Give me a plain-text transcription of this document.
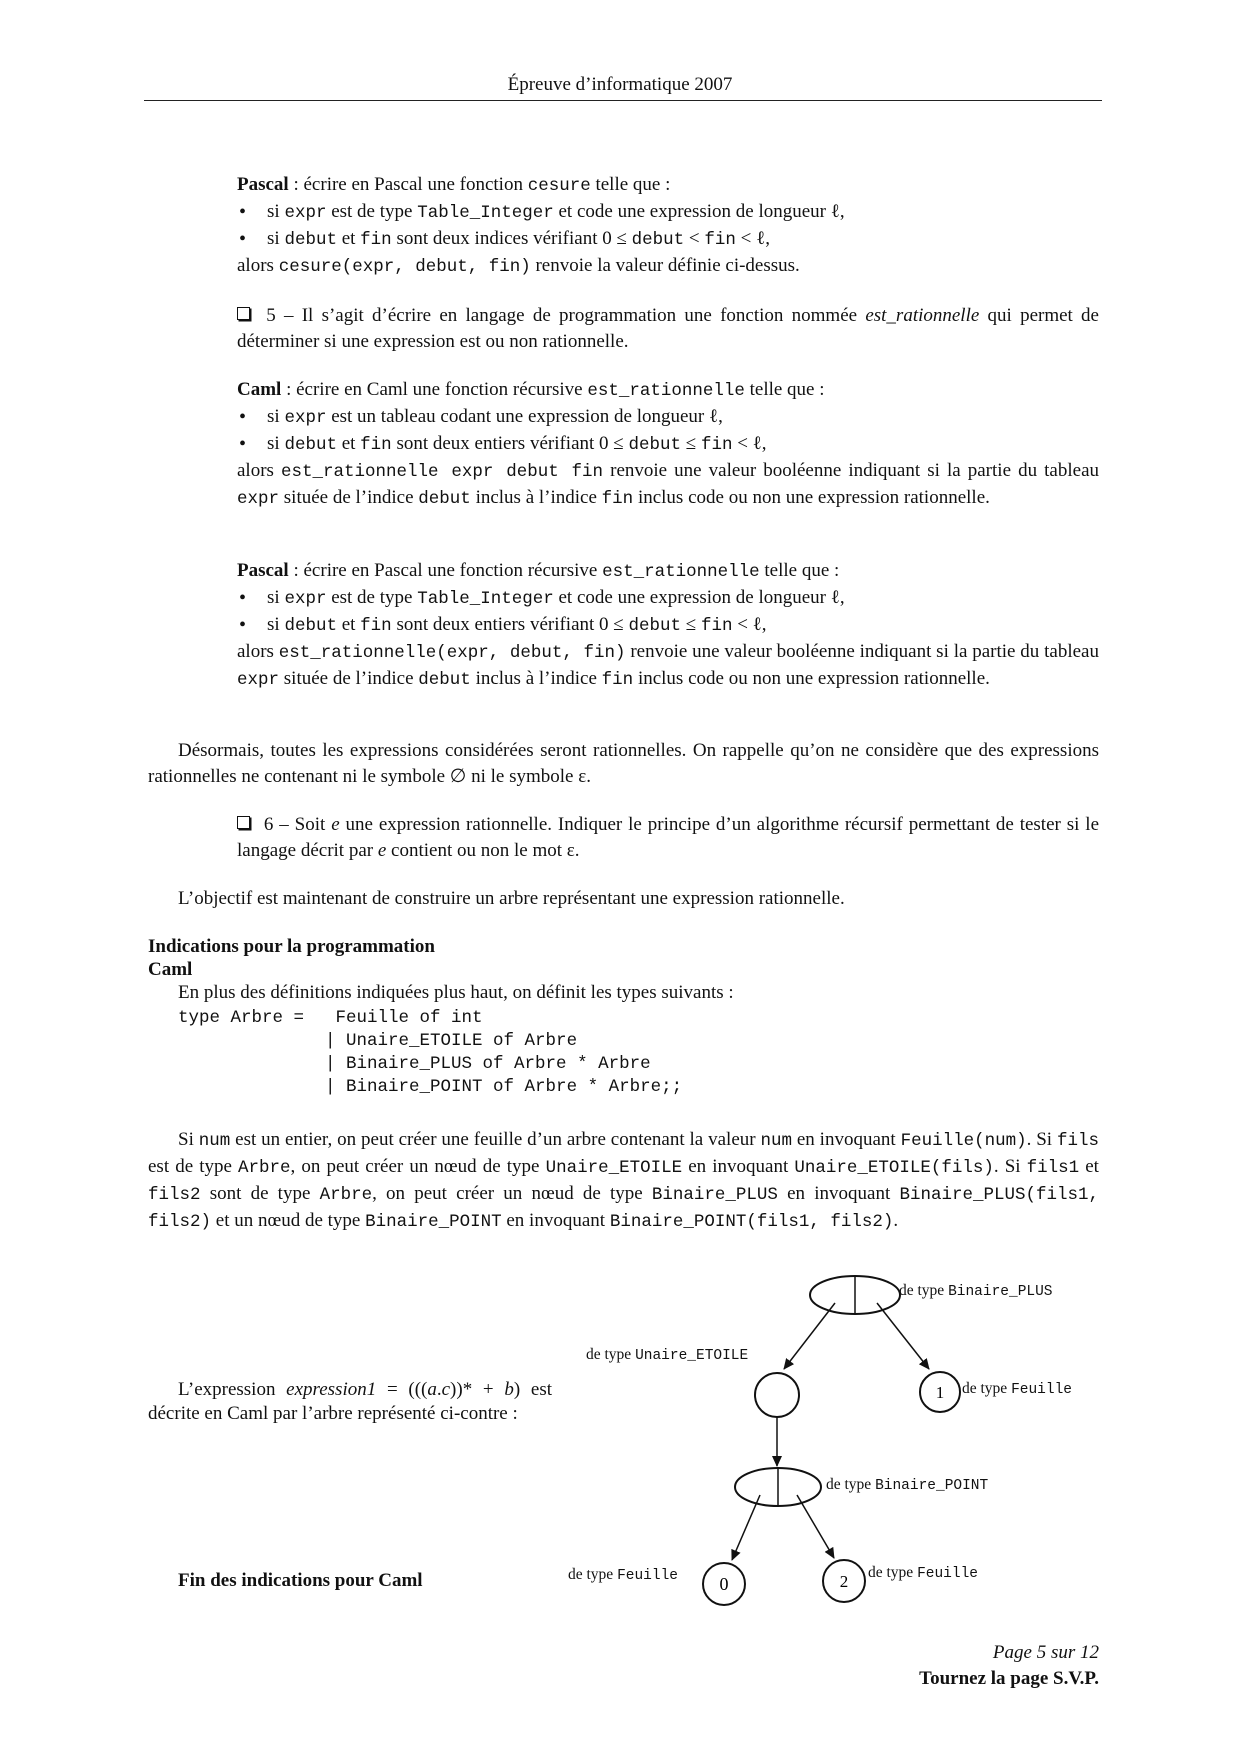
Épreuve d’informatique 2007

Pascal : écrire en Pascal une fonction cesure telle que :

• si expr est de type Table_Integer et code une expression de longueur ℓ,

• si debut et fin sont deux indices vérifiant 0 ≤ debut < fin < ℓ,

alors cesure(expr, debut, fin) renvoie la valeur définie ci-dessus.

5 – Il s’agit d’écrire en langage de programmation une fonction nommée est_rationnelle qui permet de déterminer si une expression est ou non rationnelle.

Caml : écrire en Caml une fonction récursive est_rationnelle telle que :

• si expr est un tableau codant une expression de longueur ℓ,

• si debut et fin sont deux entiers vérifiant 0 ≤ debut ≤ fin < ℓ,

alors est_rationnelle expr debut fin renvoie une valeur booléenne indiquant si la partie du tableau expr située de l’indice debut inclus à l’indice fin inclus code ou non une expression rationnelle.

Pascal : écrire en Pascal une fonction récursive est_rationnelle telle que :

• si expr est de type Table_Integer et code une expression de longueur ℓ,

• si debut et fin sont deux entiers vérifiant 0 ≤ debut ≤ fin < ℓ,

alors est_rationnelle(expr, debut, fin) renvoie une valeur booléenne indiquant si la partie du tableau expr située de l’indice debut inclus à l’indice fin inclus code ou non une expression rationnelle.

Désormais, toutes les expressions considérées seront rationnelles. On rappelle qu’on ne considère que des expressions rationnelles ne contenant ni le symbole ∅ ni le symbole ε.

6 – Soit e une expression rationnelle. Indiquer le principe d’un algorithme récursif permettant de tester si le langage décrit par e contient ou non le mot ε.

L’objectif est maintenant de construire un arbre représentant une expression rationnelle.

Indications pour la programmation

Caml

En plus des définitions indiquées plus haut, on définit les types suivants :

type Arbre =   Feuille of int
| Unaire_ETOILE of Arbre
| Binaire_PLUS of Arbre * Arbre
| Binaire_POINT of Arbre * Arbre;;

Si num est un entier, on peut créer une feuille d’un arbre contenant la valeur num en invoquant Feuille(num). Si fils est de type Arbre, on peut créer un nœud de type Unaire_ETOILE en invoquant Unaire_ETOILE(fils). Si fils1 et fils2 sont de type Arbre, on peut créer un nœud de type Binaire_PLUS en invoquant Binaire_PLUS(fils1, fils2) et un nœud de type Binaire_POINT en invoquant Binaire_POINT(fils1, fils2).

L’expression expression1 = (((a.c))* + b) est décrite en Caml par l’arbre représenté ci-contre :

Fin des indications pour Caml
1
0	2
de type Binaire_PLUS
de type Unaire_ETOILE
de type Feuille
de type Binaire_POINT
de type Feuille	de type Feuille
Page 5 sur 12
Tournez la page S.V.P.
